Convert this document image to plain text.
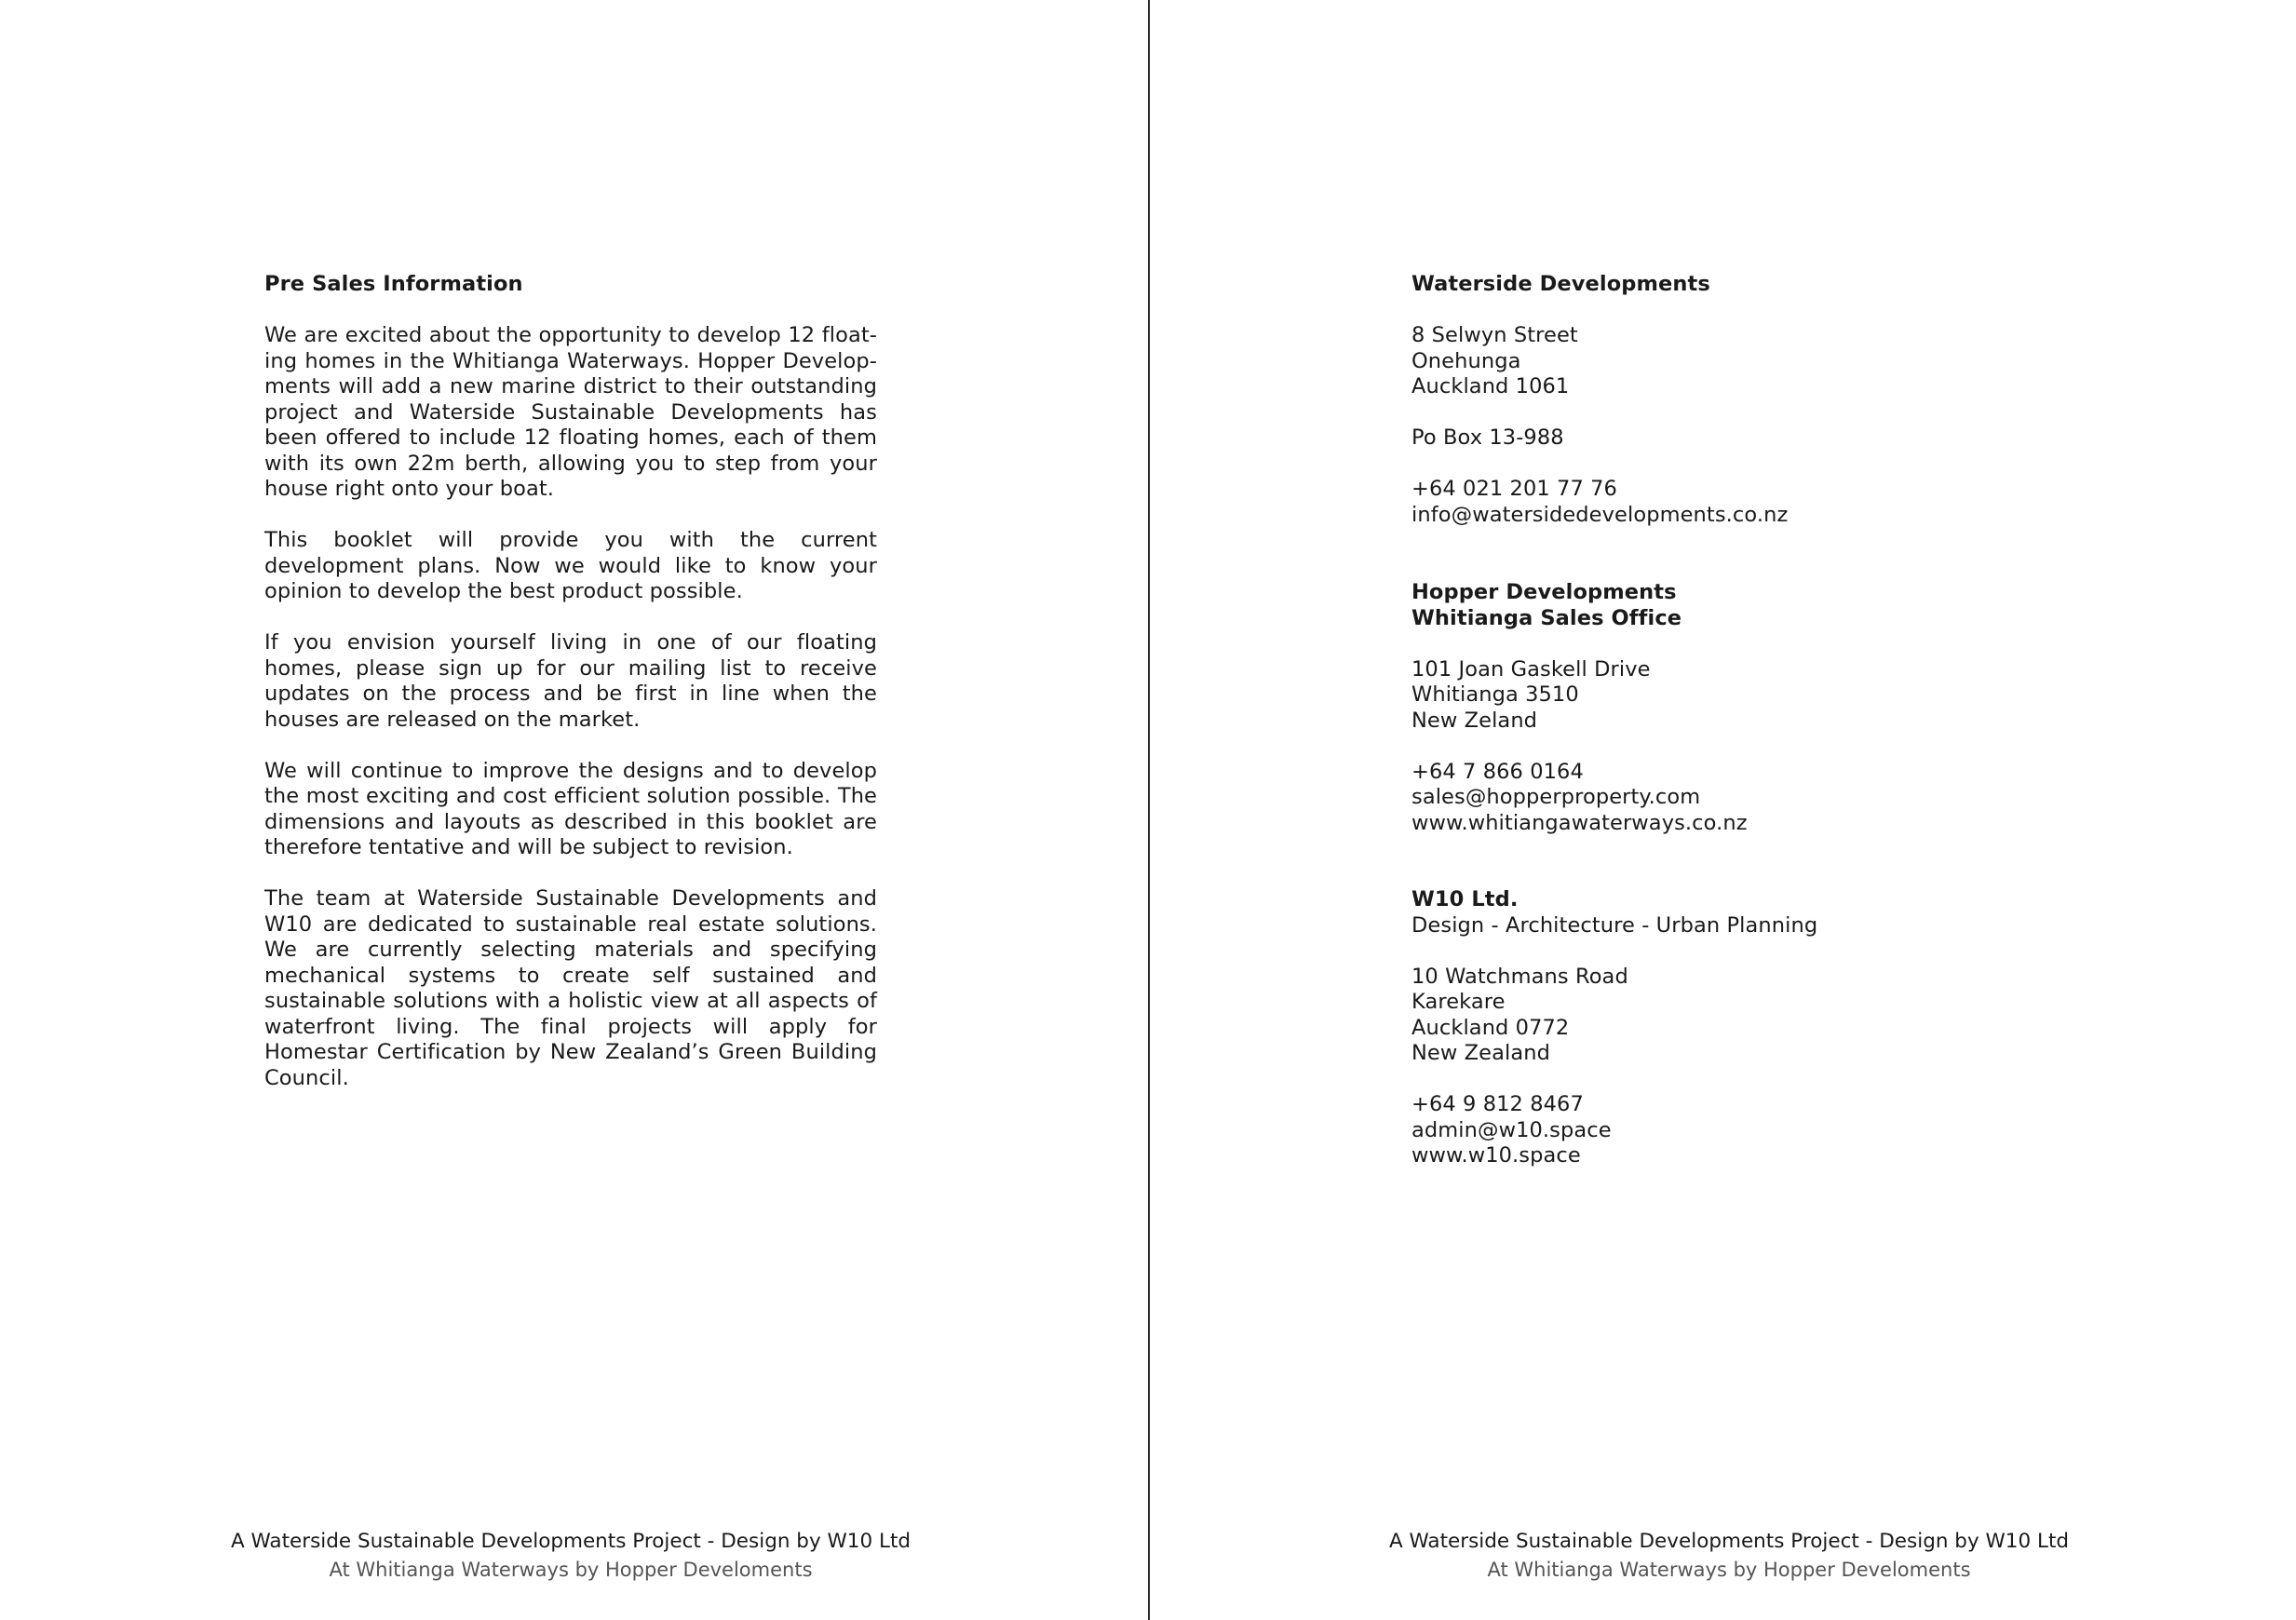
Pre Sales Information

We are excited about the opportunity to develop 12 float-ing homes in the Whitianga Waterways. Hopper Develop-ments will add a new marine district to their outstanding project and Waterside Sustainable Developments has been offered to include 12 floating homes, each of them with its own 22m berth, allowing you to step from your house right onto your boat.

This booklet will provide you with the current development plans. Now we would like to know your opinion to develop the best product possible.

If you envision yourself living in one of our floating homes, please sign up for our mailing list to receive updates on the process and be first in line when the houses are released on the market.

We will continue to improve the designs and to develop the most exciting and cost efficient solution possible. The dimensions and layouts as described in this booklet are therefore tentative and will be subject to revision.

The team at Waterside Sustainable Developments and W10 are dedicated to sustainable real estate solutions. We are currently selecting materials and specifying mechanical systems to create self sustained and sustainable solutions with a holistic view at all aspects of waterfront living. The final projects will apply for Homestar Certification by New Zealand’s Green Building Council.

A Waterside Sustainable Developments Project - Design by W10 Ltd
At Whitianga Waterways by Hopper Develoments
Waterside Developments
8 Selwyn Street
Onehunga
Auckland 1061
Po Box 13-988
+64 021 201 77 76
info@watersidedevelopments.co.nz
Hopper Developments
Whitianga Sales Office
101 Joan Gaskell Drive
Whitianga 3510
New Zeland
+64 7 866 0164
sales@hopperproperty.com
www.whitiangawaterways.co.nz
W10 Ltd.
Design - Architecture - Urban Planning
10 Watchmans Road
Karekare
Auckland 0772
New Zealand
+64 9 812 8467
admin@w10.space
www.w10.space
A Waterside Sustainable Developments Project - Design by W10 Ltd
At Whitianga Waterways by Hopper Develoments
